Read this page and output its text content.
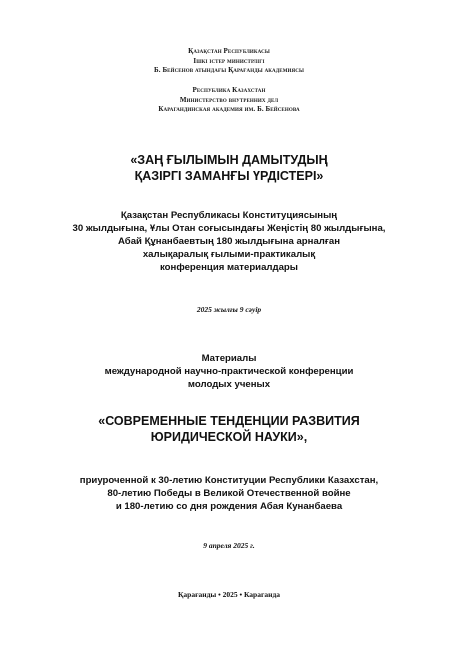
Қазақстан Республикасы
Ішкі істер министрлігі
Б. Бейсенов атындағы Қарағанды академиясы
Республика Казахстан
Министерство внутренних дел
Карагандинская академия им. Б. Бейсенова
«ЗАҢ ҒЫЛЫМЫН ДАМЫТУДЫҢ
ҚАЗІРГІ ЗАМАНҒЫ ҮРДІСТЕРІ»
Қазақстан Республикасы Конституциясының
30 жылдығына, Ұлы Отан соғысындағы Жеңістің 80 жылдығына,
Абай Құнанбаевтың 180 жылдығына арналған
халықаралық ғылыми-практикалық
конференция материалдары
2025 жылғы 9 сәуір
Материалы
международной научно-практической конференции
молодых ученых
«СОВРЕМЕННЫЕ ТЕНДЕНЦИИ РАЗВИТИЯ
ЮРИДИЧЕСКОЙ НАУКИ»,
приуроченной к 30-летию Конституции Республики Казахстан,
80-летию Победы в Великой Отечественной войне
и 180-летию со дня рождения Абая Кунанбаева
9 апреля 2025 г.
Қарағанды • 2025 • Караганда
